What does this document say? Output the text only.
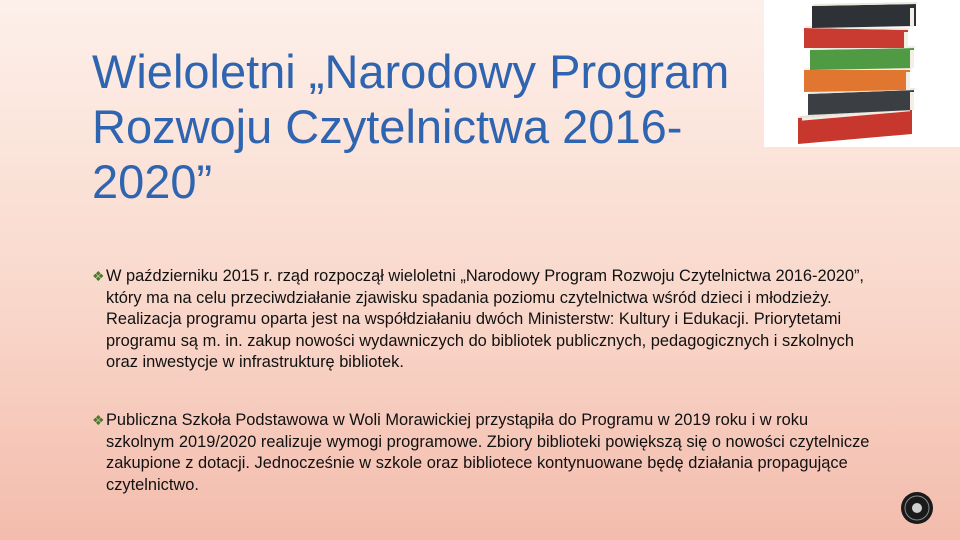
Wieloletni „Narodowy Program
Rozwoju Czytelnictwa 2016-
2020”
❖ W październiku 2015 r. rząd rozpoczął wieloletni „Narodowy Program Rozwoju Czytelnictwa 2016-2020”, który ma na celu przeciwdziałanie zjawisku spadania poziomu czytelnictwa wśród dzieci i młodzieży. Realizacja programu oparta jest na współdziałaniu dwóch Ministerstw: Kultury i Edukacji. Priorytetami programu są m. in. zakup nowości wydawniczych do bibliotek publicznych, pedagogicznych i szkolnych oraz inwestycje w infrastrukturę bibliotek.
❖ Publiczna Szkoła Podstawowa w Woli Morawickiej przystąpiła do Programu w 2019 roku i w roku szkolnym 2019/2020 realizuje wymogi programowe. Zbiory biblioteki powiększą się o nowości czytelnicze zakupione z dotacji. Jednocześnie w szkole oraz bibliotece kontynuowane będę działania propagujące czytelnictwo.
